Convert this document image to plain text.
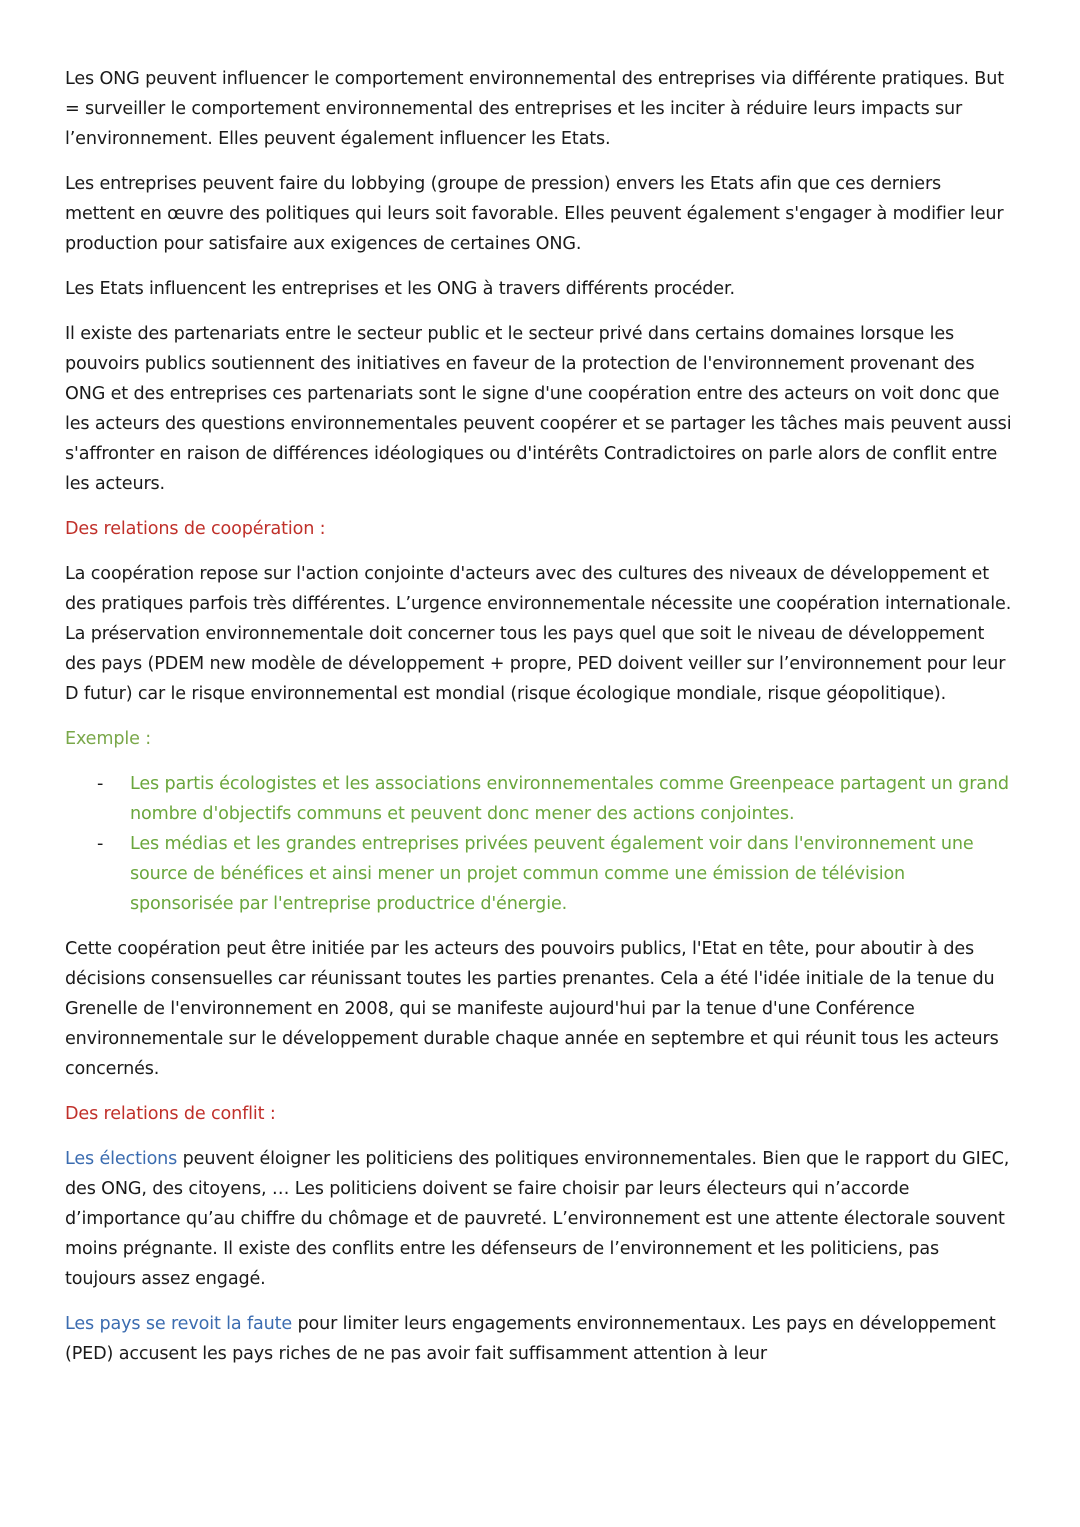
Les ONG peuvent influencer le comportement environnemental des entreprises via différente pratiques. But = surveiller le comportement environnemental des entreprises et les inciter à réduire leurs impacts sur l’environnement. Elles peuvent également influencer les Etats.

Les entreprises peuvent faire du lobbying (groupe de pression) envers les Etats afin que ces derniers mettent en œuvre des politiques qui leurs soit favorable. Elles peuvent également s'engager à modifier leur production pour satisfaire aux exigences de certaines ONG.

Les Etats influencent les entreprises et les ONG à travers différents procéder.

Il existe des partenariats entre le secteur public et le secteur privé dans certains domaines lorsque les pouvoirs publics soutiennent des initiatives en faveur de la protection de l'environnement provenant des ONG et des entreprises ces partenariats sont le signe d'une coopération entre des acteurs on voit donc que les acteurs des questions environnementales peuvent coopérer et se partager les tâches mais peuvent aussi s'affronter en raison de différences idéologiques ou d'intérêts Contradictoires on parle alors de conflit entre les acteurs.

Des relations de coopération :

La coopération repose sur l'action conjointe d'acteurs avec des cultures des niveaux de développement et des pratiques parfois très différentes. L’urgence environnementale nécessite une coopération internationale. La préservation environnementale doit concerner tous les pays quel que soit le niveau de développement des pays (PDEM new modèle de développement + propre, PED doivent veiller sur l’environnement pour leur D futur) car le risque environnemental est mondial (risque écologique mondiale, risque géopolitique).

Exemple :

- Les partis écologistes et les associations environnementales comme Greenpeace partagent un grand nombre d'objectifs communs et peuvent donc mener des actions conjointes.
- Les médias et les grandes entreprises privées peuvent également voir dans l'environnement une source de bénéfices et ainsi mener un projet commun comme une émission de télévision sponsorisée par l'entreprise productrice d'énergie.

Cette coopération peut être initiée par les acteurs des pouvoirs publics, l'Etat en tête, pour aboutir à des décisions consensuelles car réunissant toutes les parties prenantes. Cela a été l'idée initiale de la tenue du Grenelle de l'environnement en 2008, qui se manifeste aujourd'hui par la tenue d'une Conférence environnementale sur le développement durable chaque année en septembre et qui réunit tous les acteurs concernés.

Des relations de conflit :

Les élections peuvent éloigner les politiciens des politiques environnementales. Bien que le rapport du GIEC, des ONG, des citoyens, … Les politiciens doivent se faire choisir par leurs électeurs qui n’accorde d’importance qu’au chiffre du chômage et de pauvreté. L’environnement est une attente électorale souvent moins prégnante. Il existe des conflits entre les défenseurs de l’environnement et les politiciens, pas toujours assez engagé.

Les pays se revoit la faute pour limiter leurs engagements environnementaux. Les pays en développement (PED) accusent les pays riches de ne pas avoir fait suffisamment attention à leur
